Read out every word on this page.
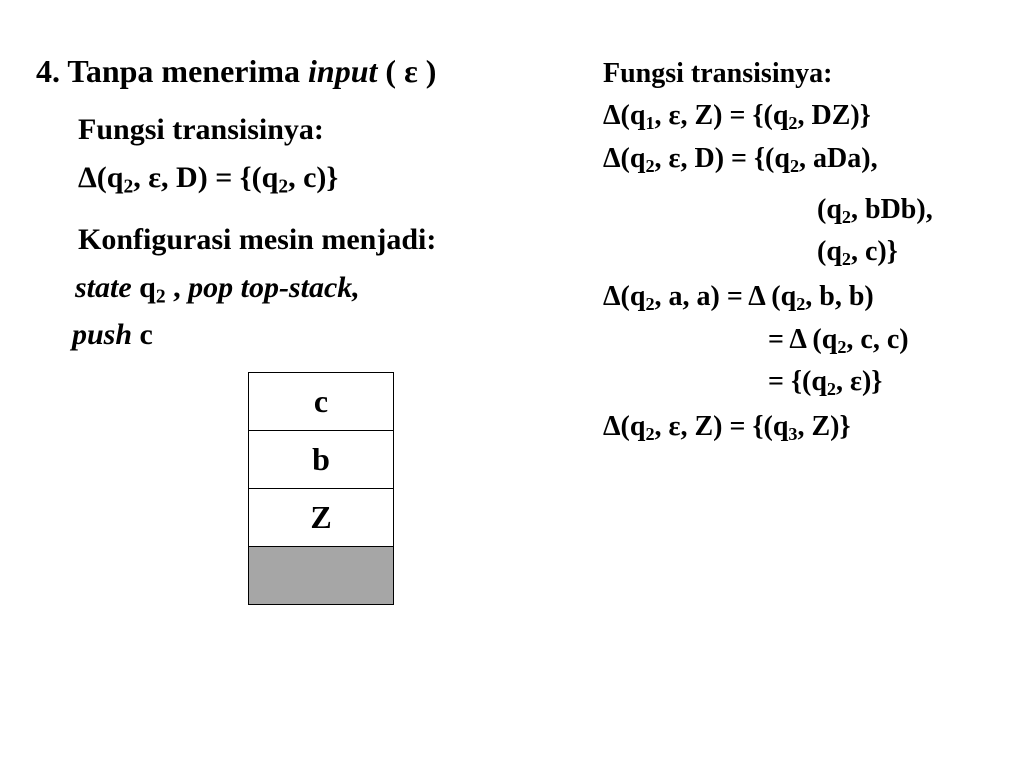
4. Tanpa menerima input ( ε )
Fungsi transisinya:
$\Delta(q_2$, ε, $D) = \{(q_2$, c)}
Konfigurasi mesin menjadi:
state $q_2$ , pop top-stack,
push c
c
b
Z
Fungsi transisinya:
$\Delta(q_1$, ε, $Z) = \{(q_2$, DZ)}
$\Delta(q_2$, ε, $D) = \{(q_2$, aDa),
($q_2$, bDb),
($q_2$, c)}
$\Delta(q_2$, a, a) = Δ ($q_2$, b, b)
= Δ ($q_2$, c, c)
= {($q_2$, ε)}
$\Delta(q_2$, ε, $Z) = \{(q_3$, Z)}
